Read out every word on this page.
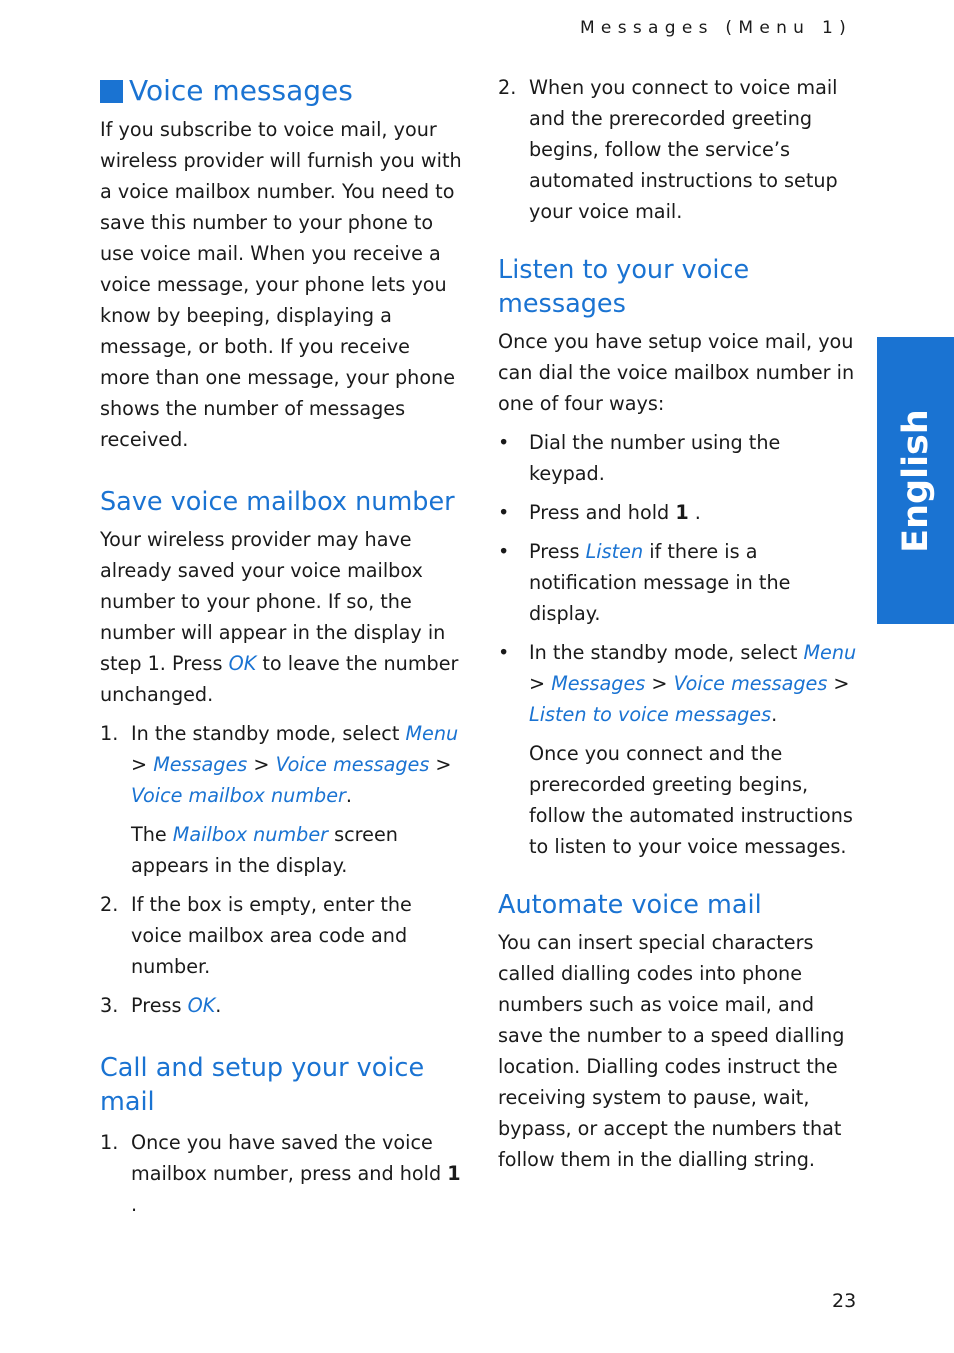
Messages (Menu 1)
English
Voice messages

If you subscribe to voice mail, your wireless provider will furnish you with a voice mailbox number. You need to save this number to your phone to use voice mail. When you receive a voice message, your phone lets you know by beeping, displaying a message, or both. If you receive more than one message, your phone shows the number of messages received.

Save voice mailbox number

Your wireless provider may have already saved your voice mailbox number to your phone. If so, the number will appear in the display in step 1. Press OK to leave the number unchanged.

1. In the standby mode, select Menu > Messages > Voice messages > Voice mailbox number.

The Mailbox number screen appears in the display.

2. If the box is empty, enter the voice mailbox area code and number.
3. Press OK.
Call and setup your voice mail
1. Once you have saved the voice mailbox number, press and hold 1
.
2. When you connect to voice mail and the prerecorded greeting begins, follow the service’s automated instructions to setup your voice mail.
Listen to your voice messages

Once you have setup voice mail, you can dial the voice mailbox number in one of four ways:

• Dial the number using the keypad.
• Press and hold 1 .
• Press Listen if there is a notification message in the display.
• In the standby mode, select Menu > Messages > Voice messages > Listen to voice messages.

Once you connect and the prerecorded greeting begins, follow the automated instructions to listen to your voice messages.

Automate voice mail

You can insert special characters called dialling codes into phone numbers such as voice mail, and save the number to a speed dialling location. Dialling codes instruct the receiving system to pause, wait, bypass, or accept the numbers that follow them in the dialling string.

23
